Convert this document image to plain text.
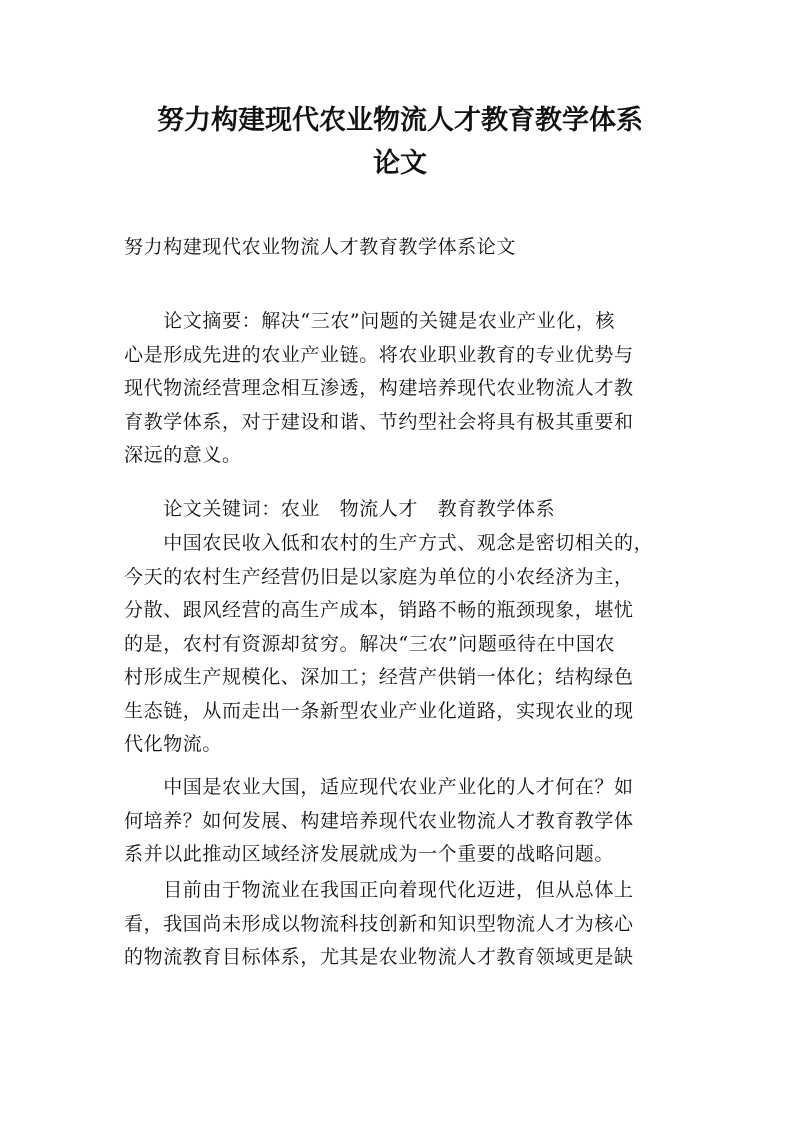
努力构建现代农业物流人才教育教学体系
论文

努力构建现代农业物流人才教育教学体系论文

　　论文摘要：解决“三农”问题的关键是农业产业化，核
心是形成先进的农业产业链。将农业职业教育的专业优势与
现代物流经营理念相互渗透，构建培养现代农业物流人才教
育教学体系，对于建设和谐、节约型社会将具有极其重要和
深远的意义。
　　论文关键词：农业　物流人才　教育教学体系
　　中国农民收入低和农村的生产方式、观念是密切相关的，
今天的农村生产经营仍旧是以家庭为单位的小农经济为主，
分散、跟风经营的高生产成本，销路不畅的瓶颈现象，堪忧
的是，农村有资源却贫穷。解决“三农”问题亟待在中国农
村形成生产规模化、深加工；经营产供销一体化；结构绿色
生态链，从而走出一条新型农业产业化道路，实现农业的现
代化物流。
　　中国是农业大国，适应现代农业产业化的人才何在？如
何培养？如何发展、构建培养现代农业物流人才教育教学体
系并以此推动区域经济发展就成为一个重要的战略问题。
　　目前由于物流业在我国正向着现代化迈进，但从总体上
看，我国尚未形成以物流科技创新和知识型物流人才为核心
的物流教育目标体系，尤其是农业物流人才教育领域更是缺
